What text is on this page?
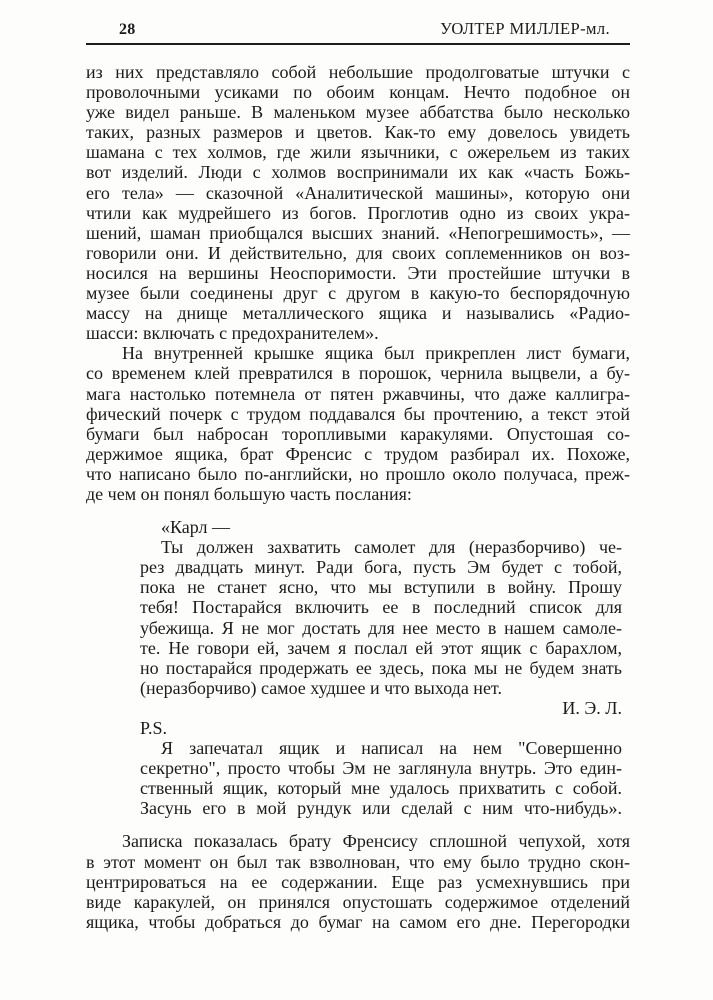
28	УОЛТЕР МИЛЛЕР-мл.
из них представляло собой небольшие продолговатые штучки с
проволочными усиками по обоим концам. Нечто подобное он
уже видел раньше. В маленьком музее аббатства было несколько
таких, разных размеров и цветов. Как-то ему довелось увидеть
шамана с тех холмов, где жили язычники, с ожерельем из таких
вот изделий. Люди с холмов воспринимали их как «часть Божь-
его тела» — сказочной «Аналитической машины», которую они
чтили как мудрейшего из богов. Проглотив одно из своих укра-
шений, шаман приобщался высших знаний. «Непогрешимость», —
говорили они. И действительно, для своих соплеменников он воз-
носился на вершины Неоспоримости. Эти простейшие штучки в
музее были соединены друг с другом в какую-то беспорядочную
массу на днище металлического ящика и назывались «Радио-
шасси: включать с предохранителем».
На внутренней крышке ящика был прикреплен лист бумаги,
со временем клей превратился в порошок, чернила выцвели, а бу-
мага настолько потемнела от пятен ржавчины, что даже каллигра-
фический почерк с трудом поддавался бы прочтению, а текст этой
бумаги был набросан торопливыми каракулями. Опустошая со-
держимое ящика, брат Френсис с трудом разбирал их. Похоже,
что написано было по-английски, но прошло около получаса, преж-
де чем он понял большую часть послания:
«Карл —
Ты должен захватить самолет для (неразборчиво) че-
рез двадцать минут. Ради бога, пусть Эм будет с тобой,
пока не станет ясно, что мы вступили в войну. Прошу
тебя! Постарайся включить ее в последний список для
убежища. Я не мог достать для нее место в нашем самоле-
те. Не говори ей, зачем я послал ей этот ящик с барахлом,
но постарайся продержать ее здесь, пока мы не будем знать
(неразборчиво) самое худшее и что выхода нет.
И. Э. Л.
P.S.
Я запечатал ящик и написал на нем "Совершенно
секретно", просто чтобы Эм не заглянула внутрь. Это един-
ственный ящик, который мне удалось прихватить с собой.
Засунь его в мой рундук или сделай с ним что-нибудь».
Записка показалась брату Френсису сплошной чепухой, хотя
в этот момент он был так взволнован, что ему было трудно скон-
центрироваться на ее содержании. Еще раз усмехнувшись при
виде каракулей, он принялся опустошать содержимое отделений
ящика, чтобы добраться до бумаг на самом его дне. Перегородки
